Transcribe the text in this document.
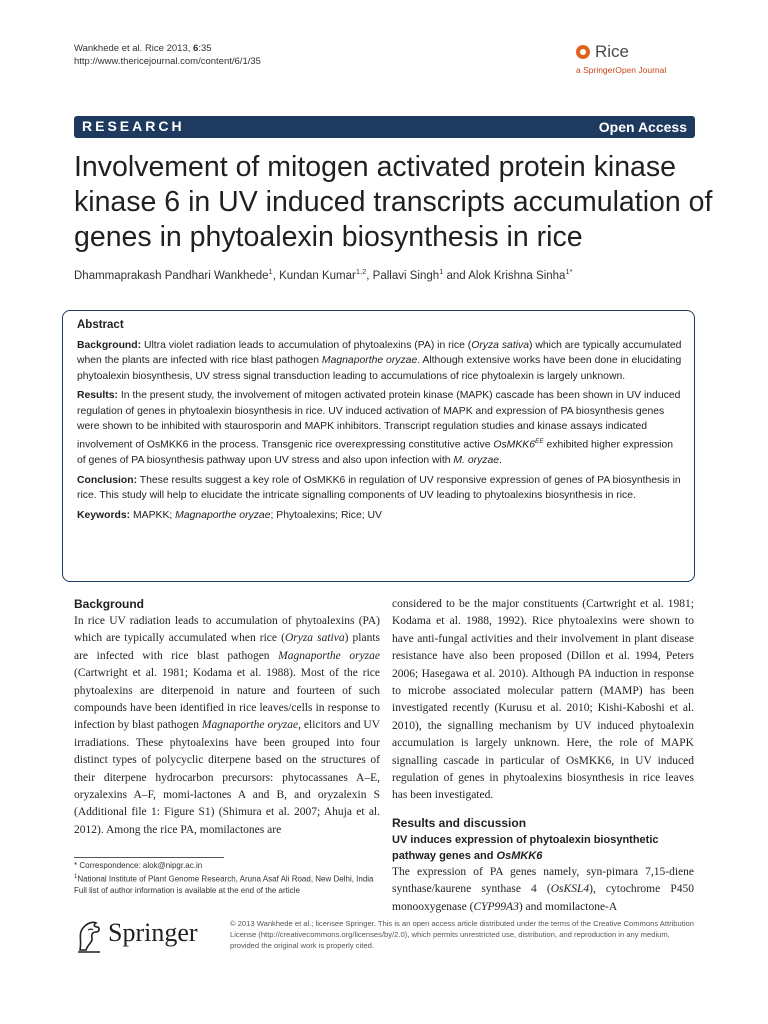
Wankhede et al. Rice 2013, 6:35
http://www.thericejournal.com/content/6/1/35
Rice
a SpringerOpen Journal
RESEARCH	Open Access
Involvement of mitogen activated protein kinase kinase 6 in UV induced transcripts accumulation of genes in phytoalexin biosynthesis in rice
Dhammaprakash Pandhari Wankhede$^1$, Kundan Kumar$^{1,2}$, Pallavi Singh$^1$ and Alok Krishna Sinha$^{1*}$
Abstract

Background: Ultra violet radiation leads to accumulation of phytoalexins (PA) in rice (Oryza sativa) which are typically accumulated when the plants are infected with rice blast pathogen Magnaporthe oryzae. Although extensive works have been done in elucidating phytoalexin biosynthesis, UV stress signal transduction leading to accumulations of rice phytoalexin is largely unknown.

Results: In the present study, the involvement of mitogen activated protein kinase (MAPK) cascade has been shown in UV induced regulation of genes in phytoalexin biosynthesis in rice. UV induced activation of MAPK and expression of PA biosynthesis genes were shown to be inhibited with staurosporin and MAPK inhibitors. Transcript regulation studies and kinase assays indicated involvement of OsMKK6 in the process. Transgenic rice overexpressing constitutive active $OsMKK6^{EE}$ exhibited higher expression of genes of PA biosynthesis pathway upon UV stress and also upon infection with M. oryzae.

Conclusion: These results suggest a key role of OsMKK6 in regulation of UV responsive expression of genes of PA biosynthesis in rice. This study will help to elucidate the intricate signalling components of UV leading to phytoalexins biosynthesis in rice.

Keywords: MAPKK; Magnaporthe oryzae; Phytoalexins; Rice; UV

Background

In rice UV radiation leads to accumulation of phytoalexins (PA) which are typically accumulated when rice (Oryza sativa) plants are infected with rice blast pathogen Magnaporthe oryzae (Cartwright et al. 1981; Kodama et al. 1988). Most of the rice phytoalexins are diterpenoid in nature and fourteen of such compounds have been identified in rice leaves/cells in response to infection by blast pathogen Magnaporthe oryzae, elicitors and UV irradiations. These phytoalexins have been grouped into four distinct types of polycyclic diterpene based on the structures of their diterpene hydrocarbon precursors: phytocassanes A–E, oryzalexins A–F, momi-lactones A and B, and oryzalexin S (Additional file 1: Figure S1) (Shimura et al. 2007; Ahuja et al. 2012). Among the rice PA, momilactones are

considered to be the major constituents (Cartwright et al. 1981; Kodama et al. 1988, 1992). Rice phytoalexins were shown to have anti-fungal activities and their involvement in plant disease resistance have also been proposed (Dillon et al. 1994, Peters 2006; Hasegawa et al. 2010). Although PA induction in response to microbe associated molecular pattern (MAMP) has been investigated recently (Kurusu et al. 2010; Kishi-Kaboshi et al. 2010), the signalling mechanism by UV induced phytoalexin accumulation is largely unknown. Here, the role of MAPK signalling cascade in particular of OsMKK6, in UV induced regulation of genes in phytoalexins biosynthesis in rice leaves has been investigated.

Results and discussion
UV induces expression of phytoalexin biosynthetic pathway genes and OsMKK6

The expression of PA genes namely, syn-pimara 7,15-diene synthase/kaurene synthase 4 (OsKSL4), cytochrome P450 monooxygenase (CYP99A3) and momilactone-A

* Correspondence: alok@nipgr.ac.in
$^1$National Institute of Plant Genome Research, Aruna Asaf Ali Road, New Delhi, India
Full list of author information is available at the end of the article
Springer	© 2013 Wankhede et al.; licensee Springer. This is an open access article distributed under the terms of the Creative Commons Attribution License (http://creativecommons.org/licenses/by/2.0), which permits unrestricted use, distribution, and reproduction in any medium, provided the original work is properly cited.
